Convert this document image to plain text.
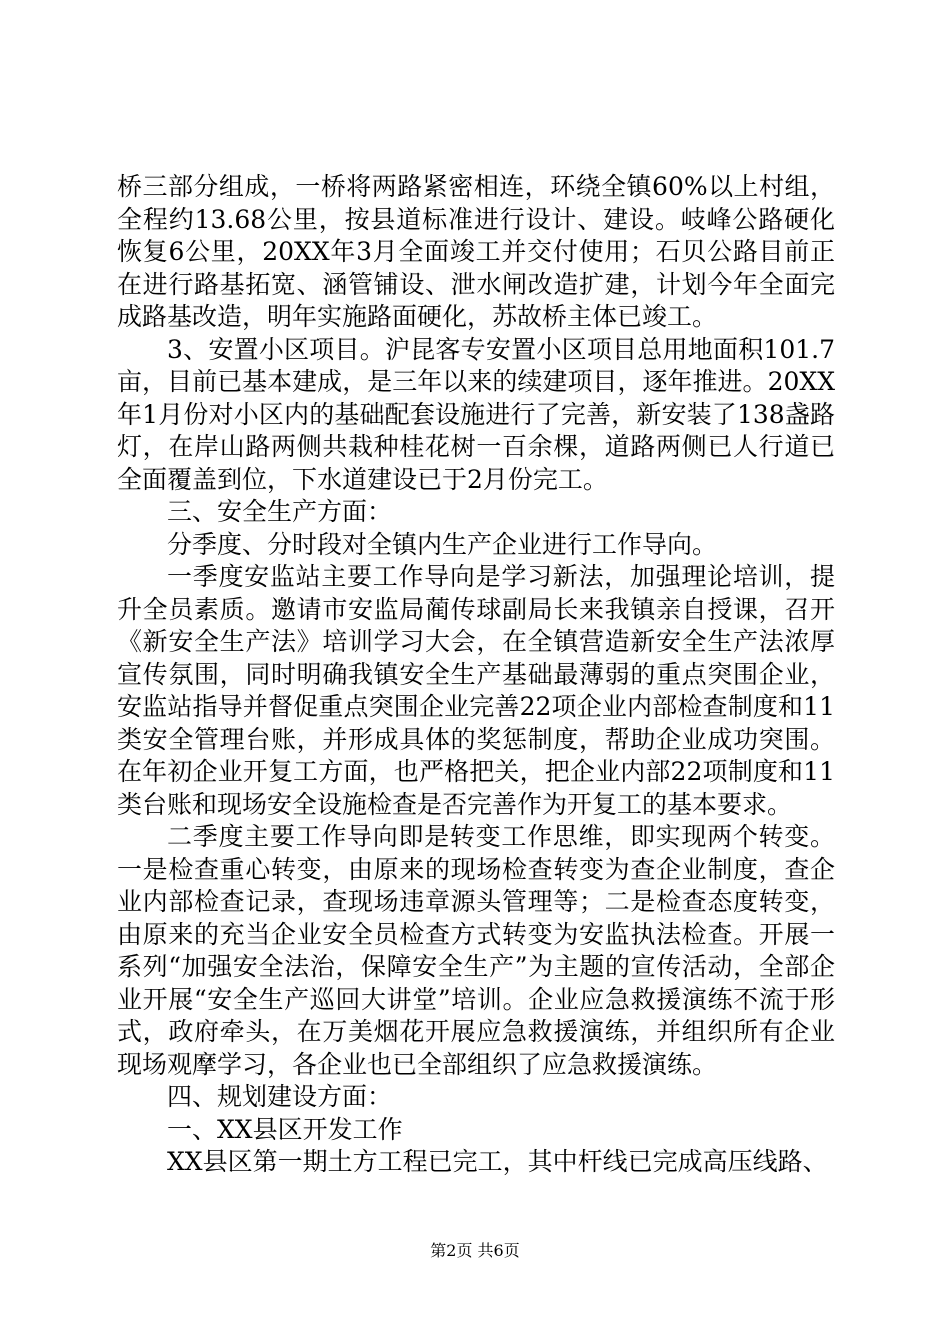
桥三部分组成，一桥将两路紧密相连，环绕全镇60%以上村组，全程约13.68公里，按县道标准进行设计、建设。岐峰公路硬化恢复6公里，20XX年3月全面竣工并交付使用；石贝公路目前正在进行路基拓宽、涵管铺设、泄水闸改造扩建，计划今年全面完成路基改造，明年实施路面硬化，苏故桥主体已竣工。

3、安置小区项目。沪昆客专安置小区项目总用地面积101.7亩，目前已基本建成，是三年以来的续建项目，逐年推进。20XX年1月份对小区内的基础配套设施进行了完善，新安装了138盏路灯，在岸山路两侧共栽种桂花树一百余棵，道路两侧已人行道已全面覆盖到位，下水道建设已于2月份完工。

三、安全生产方面：

分季度、分时段对全镇内生产企业进行工作导向。

一季度安监站主要工作导向是学习新法，加强理论培训，提升全员素质。邀请市安监局蔺传球副局长来我镇亲自授课，召开《新安全生产法》培训学习大会，在全镇营造新安全生产法浓厚宣传氛围，同时明确我镇安全生产基础最薄弱的重点突围企业，安监站指导并督促重点突围企业完善22项企业内部检查制度和11类安全管理台账，并形成具体的奖惩制度，帮助企业成功突围。在年初企业开复工方面，也严格把关，把企业内部22项制度和11类台账和现场安全设施检查是否完善作为开复工的基本要求。

二季度主要工作导向即是转变工作思维，即实现两个转变。一是检查重心转变，由原来的现场检查转变为查企业制度，查企业内部检查记录，查现场违章源头管理等；二是检查态度转变，由原来的充当企业安全员检查方式转变为安监执法检查。开展一系列“加强安全法治，保障安全生产”为主题的宣传活动，全部企业开展“安全生产巡回大讲堂”培训。企业应急救援演练不流于形式，政府牵头，在万美烟花开展应急救援演练，并组织所有企业现场观摩学习，各企业也已全部组织了应急救援演练。

四、规划建设方面：

一、XX县区开发工作

XX县区第一期土方工程已完工，其中杆线已完成高压线路、

第2页 共6页
